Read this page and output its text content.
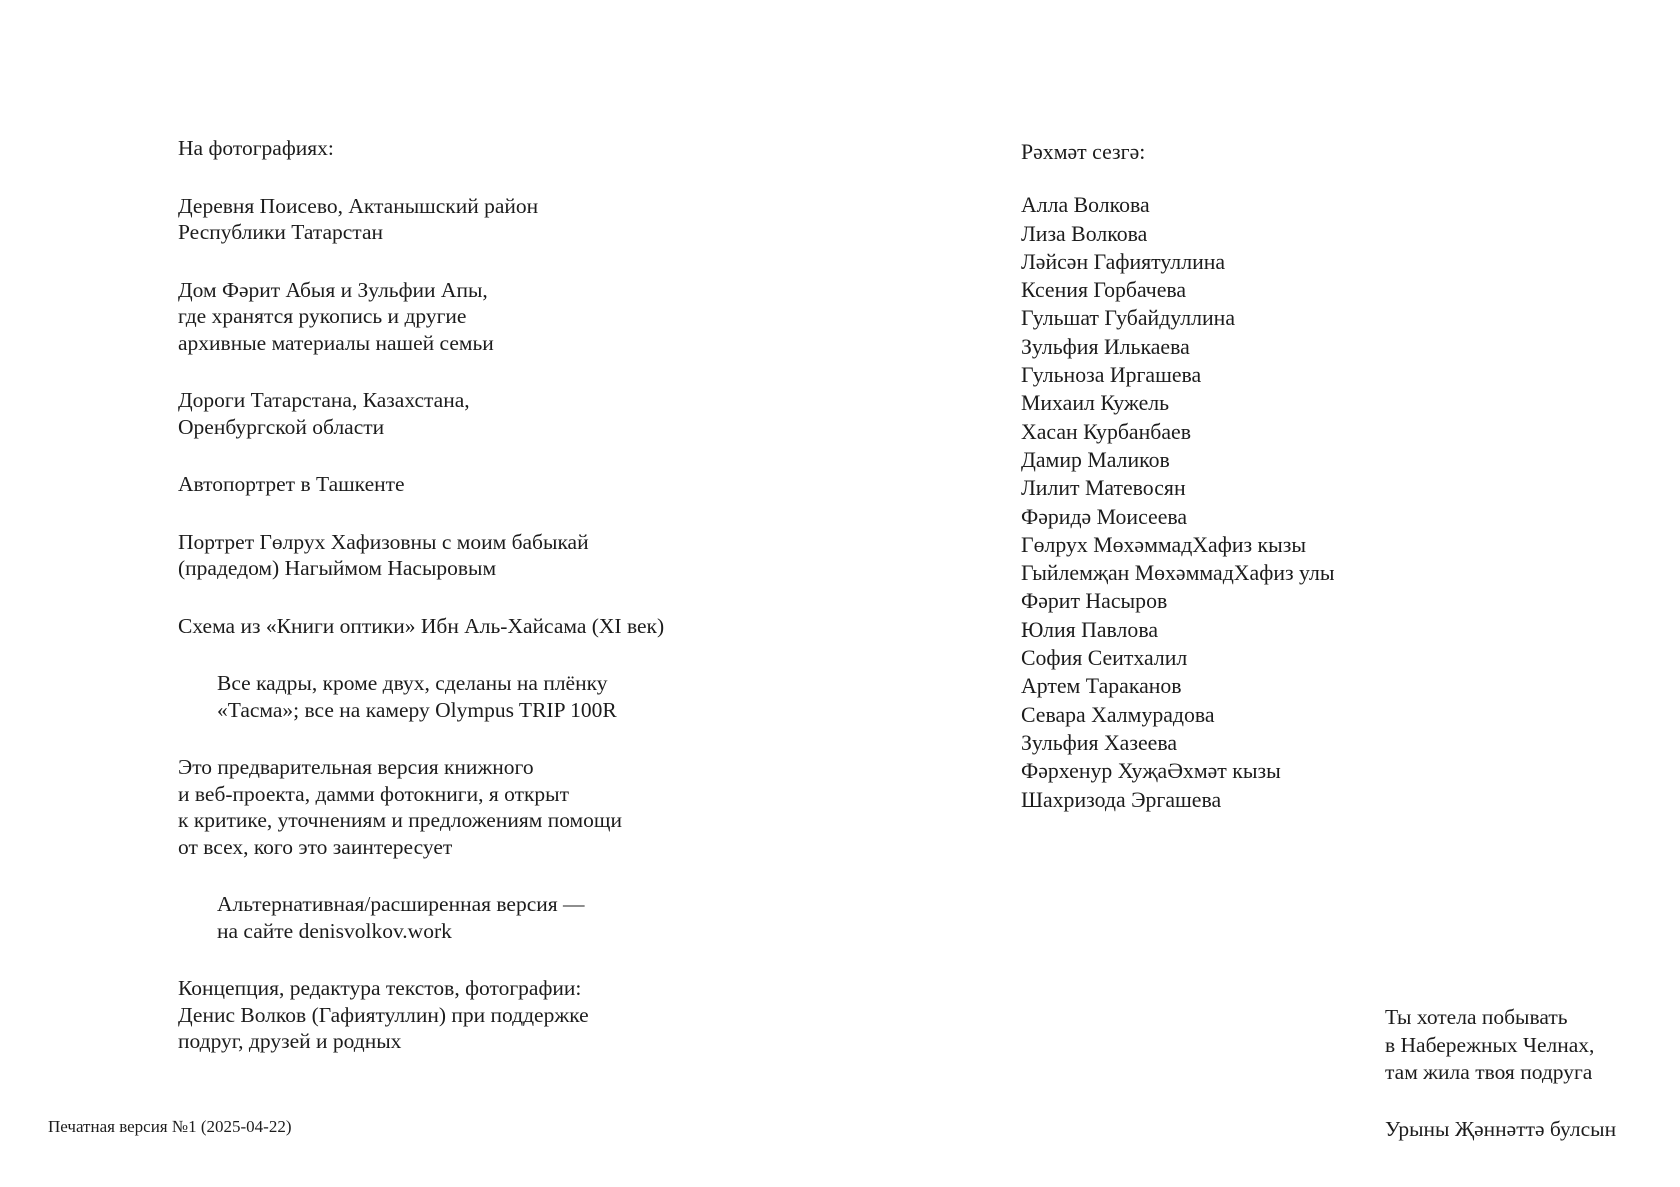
На фотографиях:
Деревня Поисево, Актанышский район
Республики Татарстан
Дом Фәрит Абыя и Зульфии Апы,
где хранятся рукопись и другие
архивные материалы нашей семьи
Дороги Татарстана, Казахстана,
Оренбургской области
Автопортрет в Ташкенте
Портрет Гөлрух Хафизовны с моим бабыкай
(прадедом) Нагыймом Насыровым
Схема из «Книги оптики» Ибн Аль-Хайсама (XI век)
Все кадры, кроме двух, сделаны на плёнку
«Тасма»; все на камеру Olympus TRIP 100R
Это предварительная версия книжного
и веб-проекта, дамми фотокниги, я открыт
к критике, уточнениям и предложениям помощи
от всех, кого это заинтересует
Альтернативная/расширенная версия —
на сайте denisvolkov.work
Концепция, редактура текстов, фотографии:
Денис Волков (Гафиятуллин) при поддержке
подруг, друзей и родных
Рәхмәт сезгә:
Алла Волкова
Лиза Волкова
Ләйсән Гафиятуллина
Ксения Горбачева
Гульшат Губайдуллина
Зульфия Илькаева
Гульноза Иргашева
Михаил Кужель
Хасан Курбанбаев
Дамир Маликов
Лилит Матевосян
Фәридә Моисеева
Гөлрух МөхәммадХафиз кызы
Гыйлемҗан МөхәммадХафиз улы
Фәрит Насыров
Юлия Павлова
София Сеитхалил
Артем Тараканов
Севара Халмурадова
Зульфия Хазеева
Фәрхенур ХуҗаӘхмәт кызы
Шахризода Эргашева
Ты хотела побывать
в Набережных Челнах,
там жила твоя подруга
Урыны Җәннәттә булсын
Печатная версия №1 (2025-04-22)
